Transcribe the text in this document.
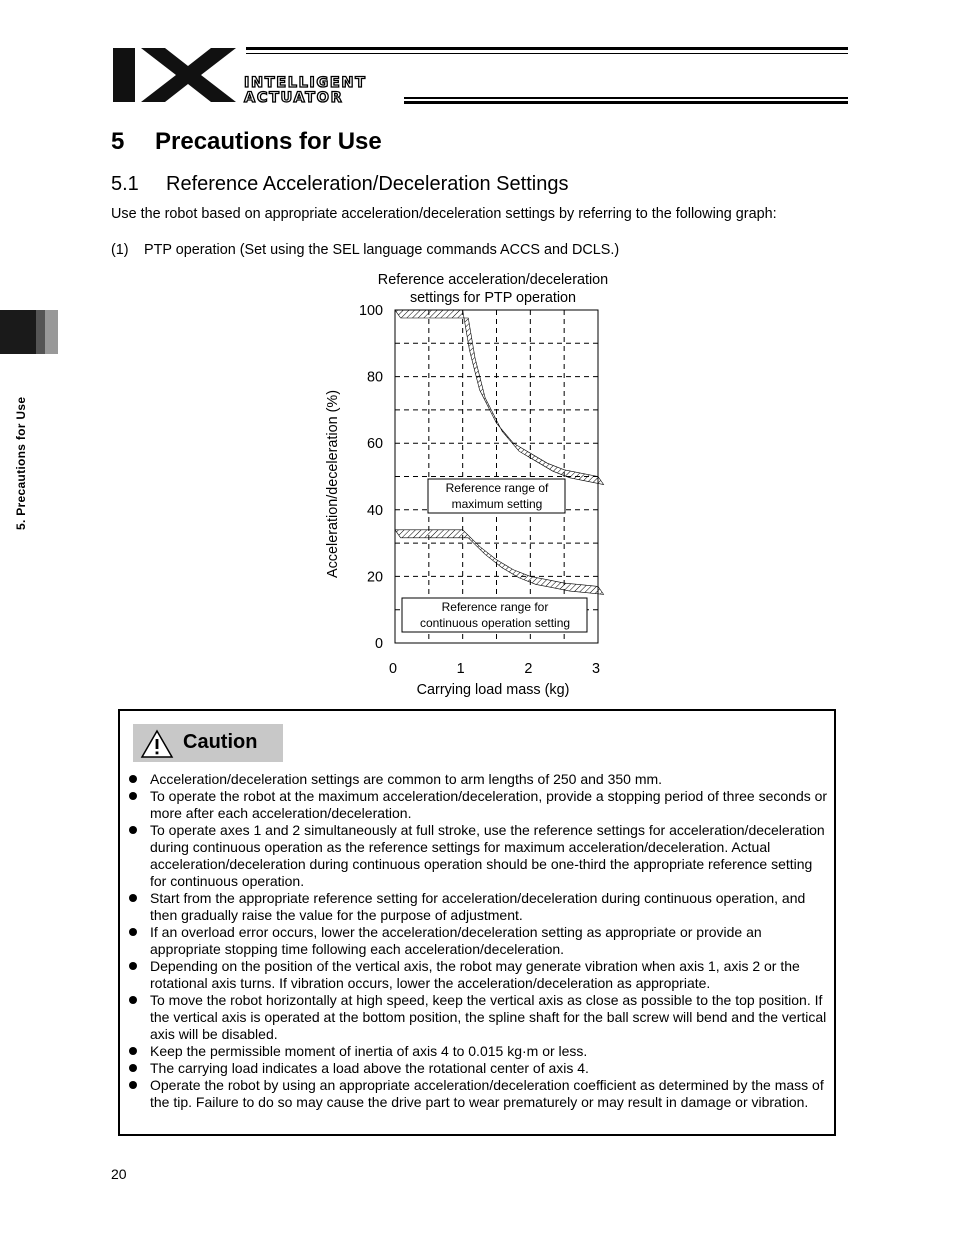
INTELLIGENT
ACTUATOR
5. Precautions for Use
5 Precautions for Use
5.1 Reference Acceleration/Deceleration Settings
Use the robot based on appropriate acceleration/deceleration settings by referring to the following graph:
(1) PTP operation (Set using the SEL language commands ACCS and DCLS.)
Reference acceleration/deceleration
settings for PTP operation
0
20
40
60
80
100
0	1	2	3
Acceleration/deceleration (%)
Carrying load mass (kg)
Reference range of
maximum setting
Reference range for
continuous operation setting
Caution
Acceleration/deceleration settings are common to arm lengths of 250 and 350 mm.
To operate the robot at the maximum acceleration/deceleration, provide a stopping period of three seconds or more after each acceleration/deceleration.
To operate axes 1 and 2 simultaneously at full stroke, use the reference settings for acceleration/deceleration during continuous operation as the reference settings for maximum acceleration/deceleration. Actual acceleration/deceleration during continuous operation should be one-third the appropriate reference setting for continuous operation.
Start from the appropriate reference setting for acceleration/deceleration during continuous operation, and then gradually raise the value for the purpose of adjustment.
If an overload error occurs, lower the acceleration/deceleration setting as appropriate or provide an appropriate stopping time following each acceleration/deceleration.
Depending on the position of the vertical axis, the robot may generate vibration when axis 1, axis 2 or the rotational axis turns. If vibration occurs, lower the acceleration/deceleration as appropriate.
To move the robot horizontally at high speed, keep the vertical axis as close as possible to the top position. If the vertical axis is operated at the bottom position, the spline shaft for the ball screw will bend and the vertical axis will be disabled.
Keep the permissible moment of inertia of axis 4 to 0.015 kg·m or less.
The carrying load indicates a load above the rotational center of axis 4.
Operate the robot by using an appropriate acceleration/deceleration coefficient as determined by the mass of the tip. Failure to do so may cause the drive part to wear prematurely or may result in damage or vibration.
20
